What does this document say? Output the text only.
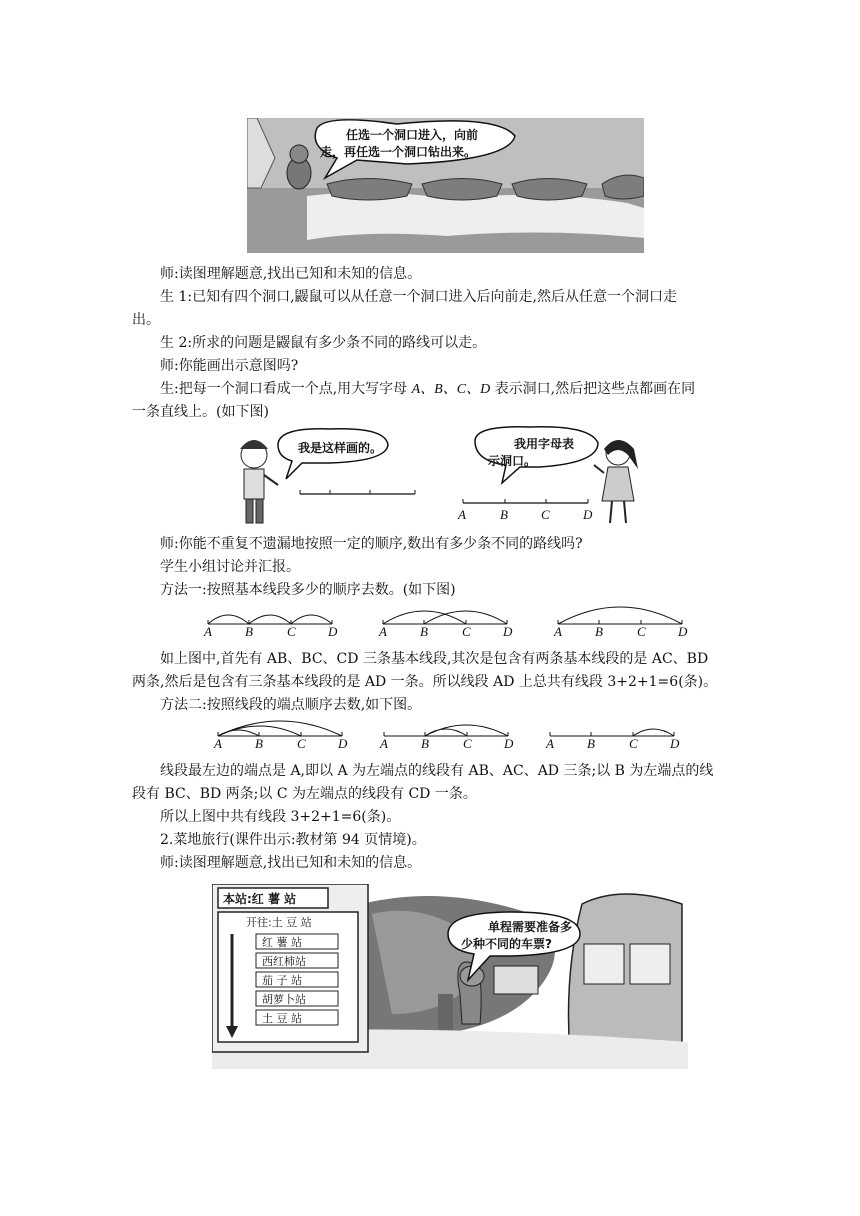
任选一个洞口进入，向前
走，再任选一个洞口钻出来。
师:读图理解题意,找出已知和未知的信息。
生 1:已知有四个洞口,鼹鼠可以从任意一个洞口进入后向前走,然后从任意一个洞口走
出。
生 2:所求的问题是鼹鼠有多少条不同的路线可以走。
师:你能画出示意图吗?
生:把每一个洞口看成一个点,用大写字母 A、B、C、D 表示洞口,然后把这些点都画在同
一条直线上。(如下图)
我是这样画的。	我用字母表
示洞口。
A	B	C	D
师:你能不重复不遗漏地按照一定的顺序,数出有多少条不同的路线吗?
学生小组讨论并汇报。
方法一:按照基本线段多少的顺序去数。(如下图)
A	B	C D	A	B	C D	A	B	C D
如上图中,首先有 AB、BC、CD 三条基本线段,其次是包含有两条基本线段的是 AC、BD
两条,然后是包含有三条基本线段的是 AD 一条。所以线段 AD 上总共有线段 3+2+1=6(条)。
方法二:按照线段的端点顺序去数,如下图。
A	B	C D	A	B	C D	A	B	C D
线段最左边的端点是 A,即以 A 为左端点的线段有 AB、AC、AD 三条;以 B 为左端点的线
段有 BC、BD 两条;以 C 为左端点的线段有 CD 一条。
所以上图中共有线段 3+2+1=6(条)。
2.菜地旅行(课件出示:教材第 94 页情境)。
师:读图理解题意,找出已知和未知的信息。
本站:红 薯 站
开往:土 豆 站
红 薯 站
西红柿站
茄 子 站
胡萝卜站
土 豆 站
单程需要准备多
少种不同的车票?
